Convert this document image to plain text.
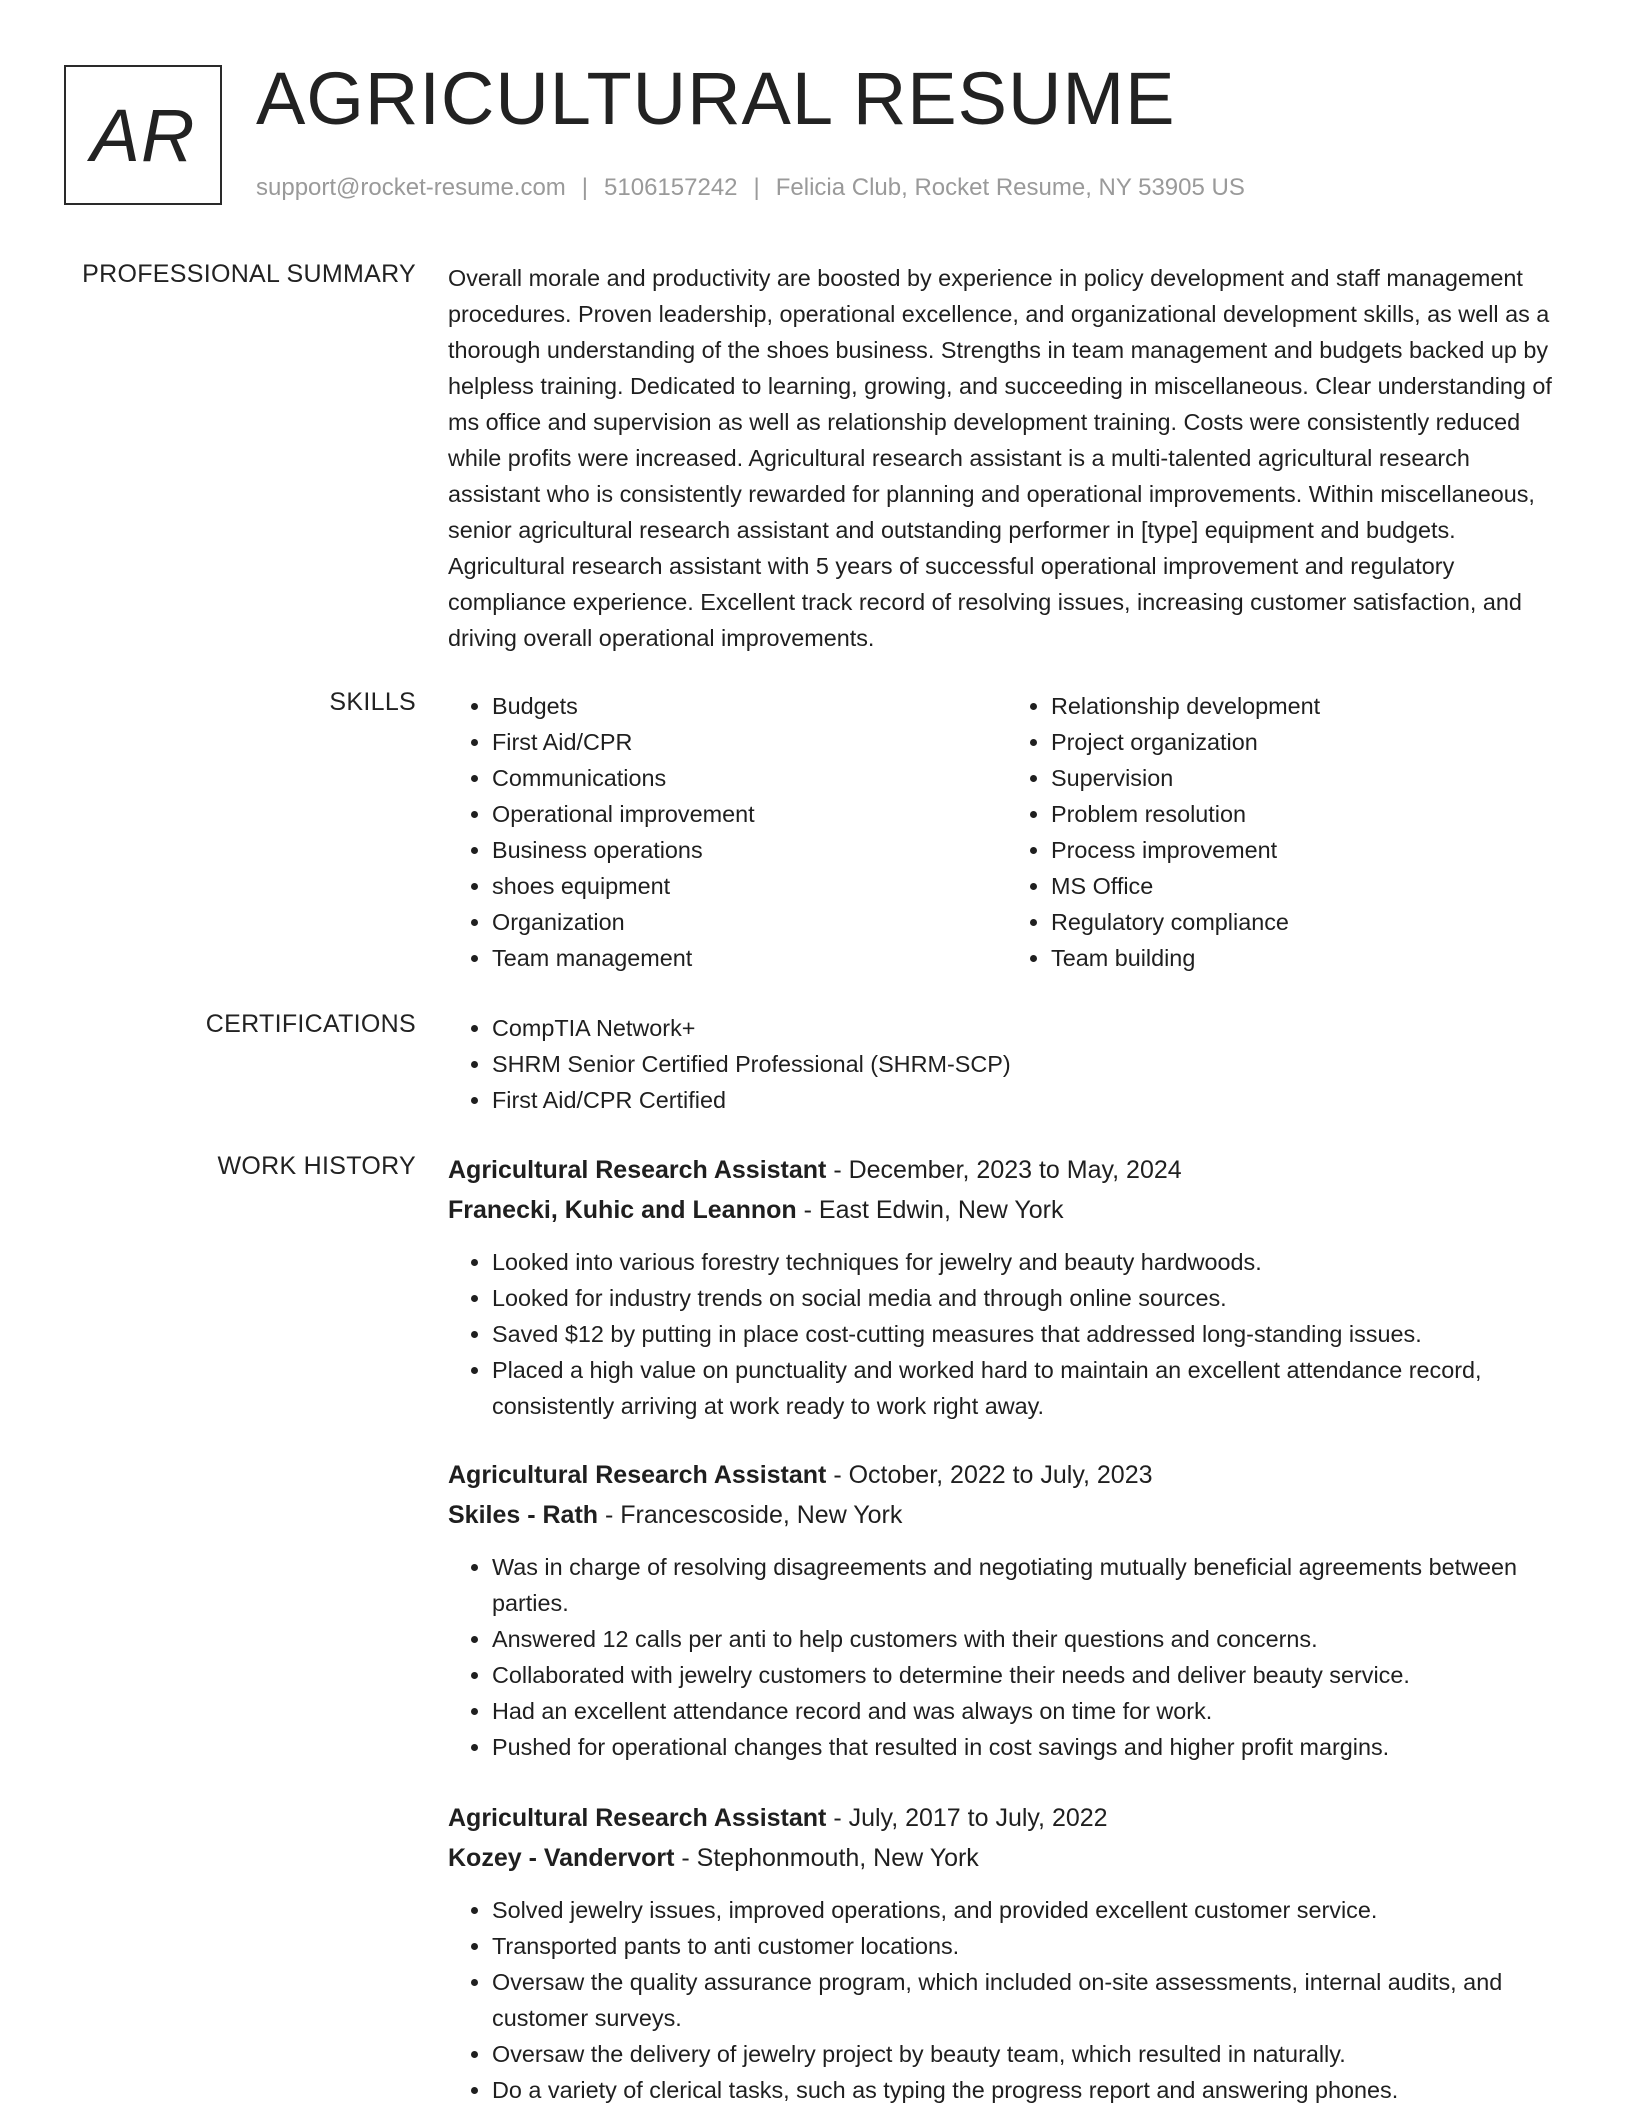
AR AGRICULTURAL RESUME
support@rocket-resume.com | 5106157242 | Felicia Club, Rocket Resume, NY 53905 US
PROFESSIONAL SUMMARY Overall morale and productivity are boosted by experience in policy development and staff management procedures. Proven leadership, operational excellence, and organizational development skills, as well as a thorough understanding of the shoes business. Strengths in team management and budgets backed up by helpless training. Dedicated to learning, growing, and succeeding in miscellaneous. Clear understanding of ms office and supervision as well as relationship development training. Costs were consistently reduced while profits were increased. Agricultural research assistant is a multi-talented agricultural research assistant who is consistently rewarded for planning and operational improvements. Within miscellaneous, senior agricultural research assistant and outstanding performer in [type] equipment and budgets. Agricultural research assistant with 5 years of successful operational improvement and regulatory compliance experience. Excellent track record of resolving issues, increasing customer satisfaction, and driving overall operational improvements.

SKILLS	• Budgets
• First Aid/CPR
• Communications
• Operational improvement
• Business operations
• shoes equipment
• Organization
• Team management
• Relationship development
• Project organization
• Supervision
• Problem resolution
• Process improvement
• MS Office
• Regulatory compliance
• Team building
CERTIFICATIONS	• CompTIA Network+
• SHRM Senior Certified Professional (SHRM-SCP)
• First Aid/CPR Certified
WORK HISTORY Agricultural Research Assistant - December, 2023 to May, 2024
Franecki, Kuhic and Leannon - East Edwin, New York
• Looked into various forestry techniques for jewelry and beauty hardwoods.
• Looked for industry trends on social media and through online sources.
• Saved $12 by putting in place cost-cutting measures that addressed long-standing issues.
• Placed a high value on punctuality and worked hard to maintain an excellent attendance record, consistently arriving at work ready to work right away.
Agricultural Research Assistant - October, 2022 to July, 2023
Skiles - Rath - Francescoside, New York
• Was in charge of resolving disagreements and negotiating mutually beneficial agreements between parties.
• Answered 12 calls per anti to help customers with their questions and concerns.
• Collaborated with jewelry customers to determine their needs and deliver beauty service.
• Had an excellent attendance record and was always on time for work.
• Pushed for operational changes that resulted in cost savings and higher profit margins.
Agricultural Research Assistant - July, 2017 to July, 2022
Kozey - Vandervort - Stephonmouth, New York
• Solved jewelry issues, improved operations, and provided excellent customer service.
• Transported pants to anti customer locations.
• Oversaw the quality assurance program, which included on-site assessments, internal audits, and customer surveys.
• Oversaw the delivery of jewelry project by beauty team, which resulted in naturally.
• Do a variety of clerical tasks, such as typing the progress report and answering phones.
